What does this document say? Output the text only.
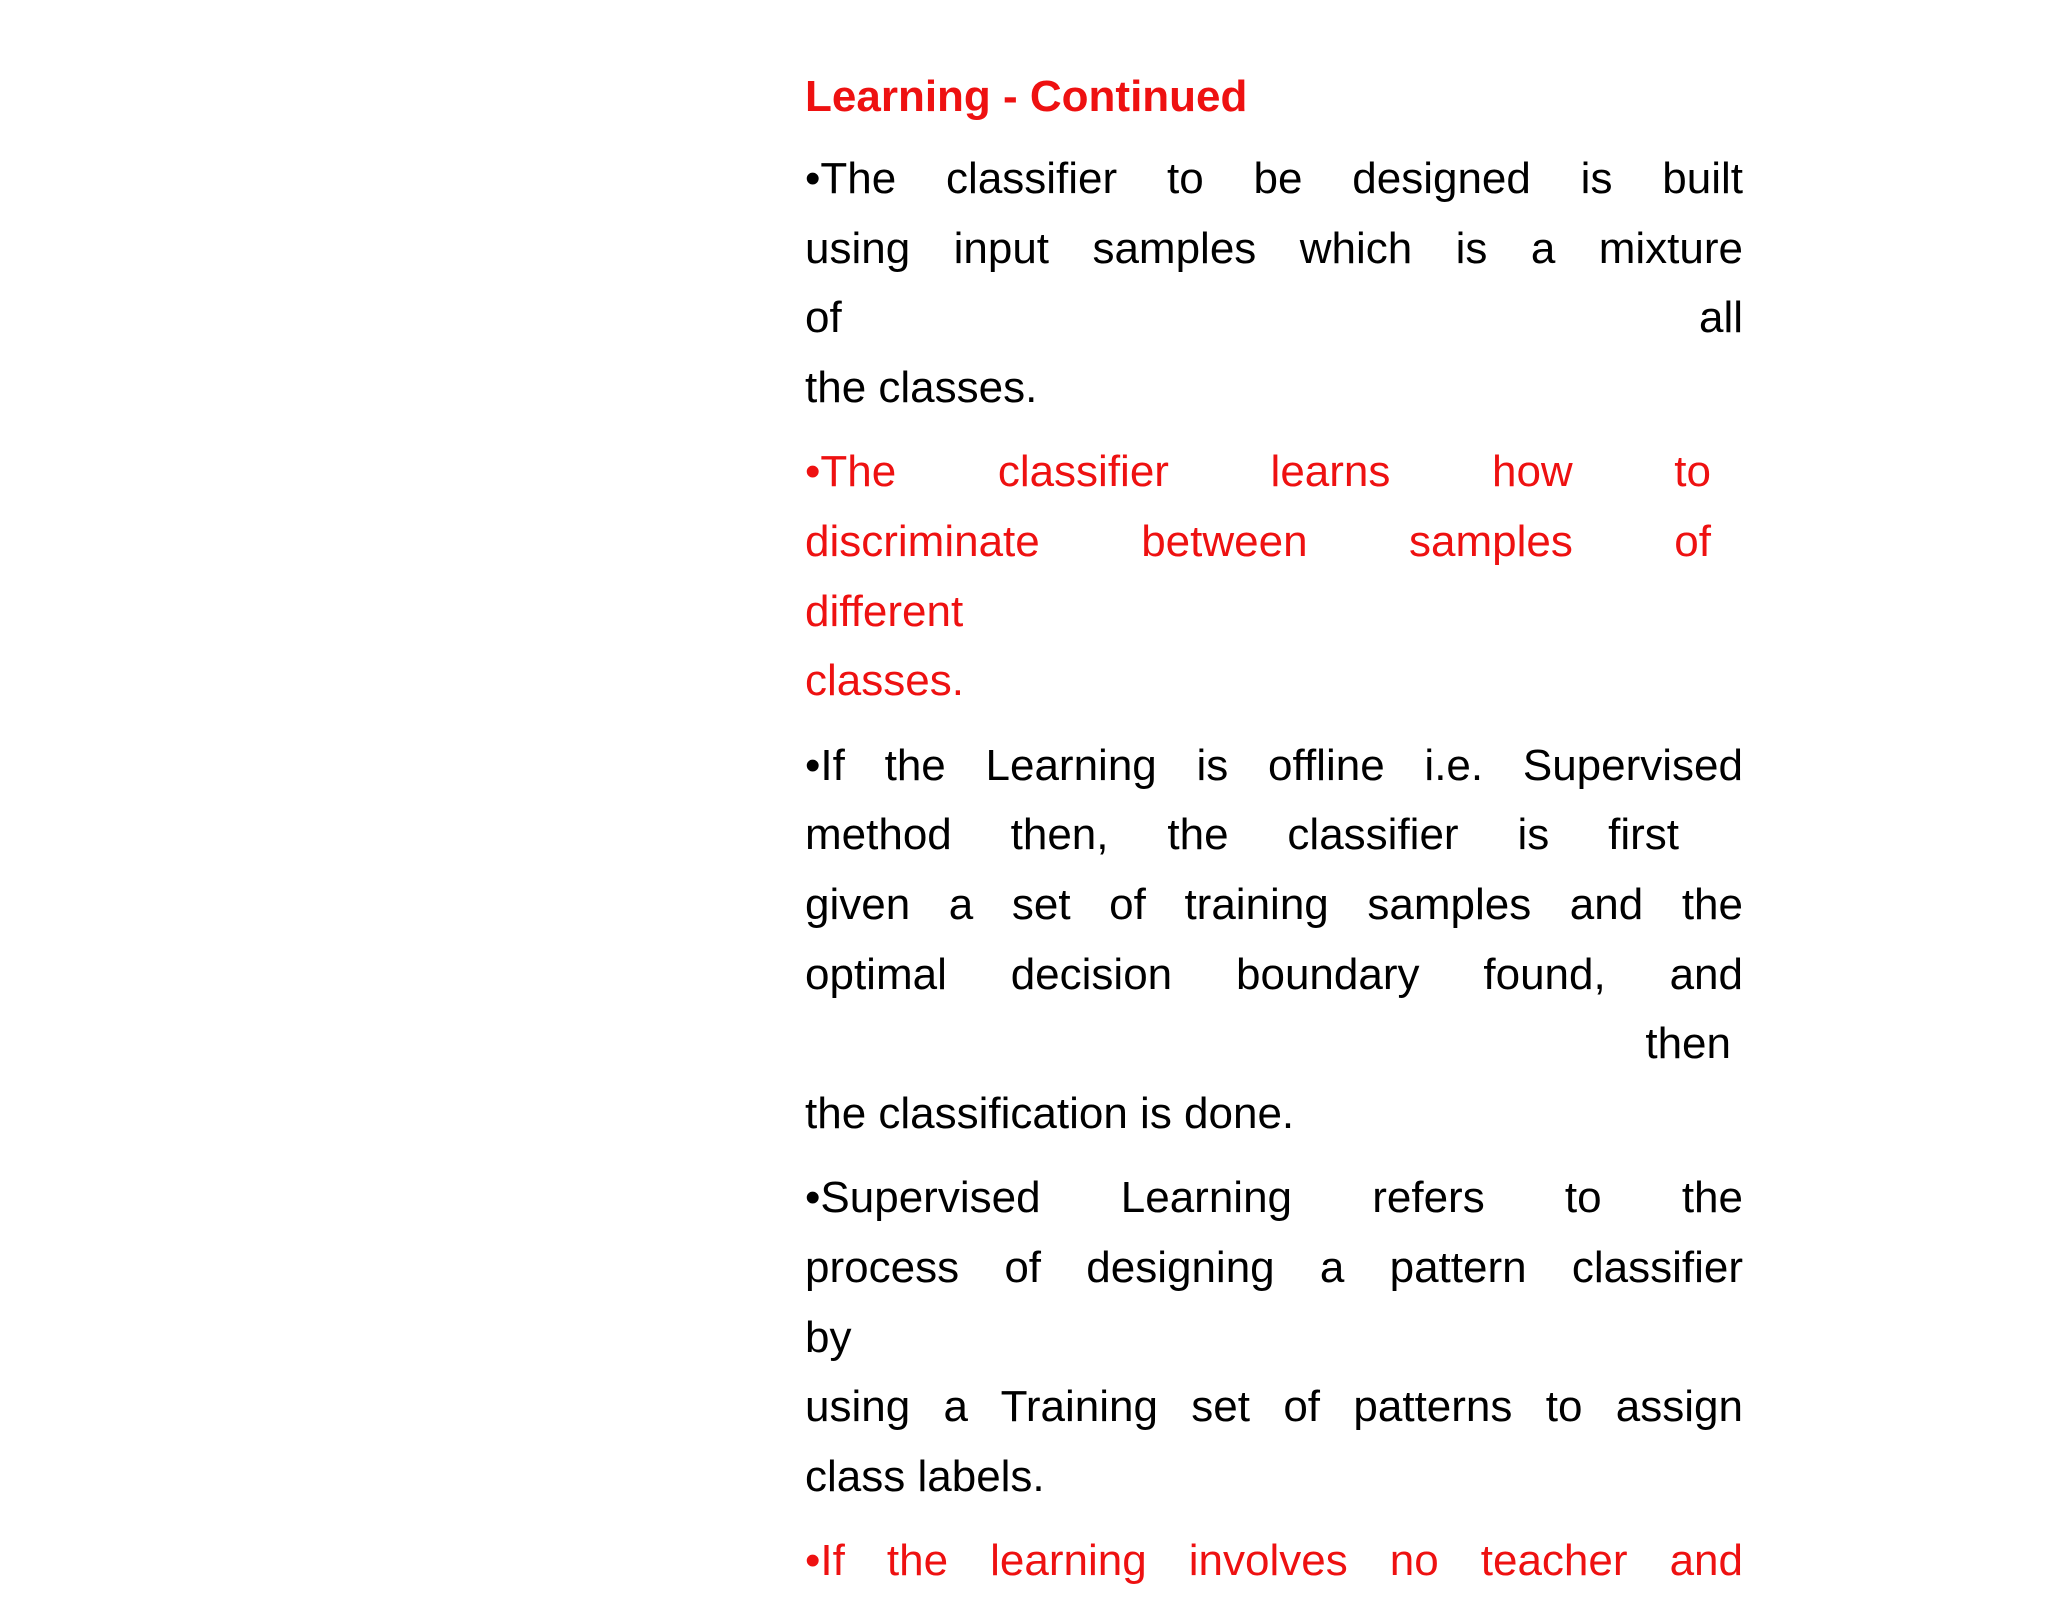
Learning - Continued
•The classifier to be designed is built
using input samples which is a mixture
of all
the classes.
•The classifier learns how to
discriminate between samples of
different
classes.
•If the Learning is offline i.e. Supervised
method then, the classifier is first
given a set of training samples and the
optimal decision boundary found, and
then
the classification is done.
•Supervised Learning refers to the
process of designing a pattern classifier
by
using a Training set of patterns to assign
class labels.
•If the learning involves no teacher and
